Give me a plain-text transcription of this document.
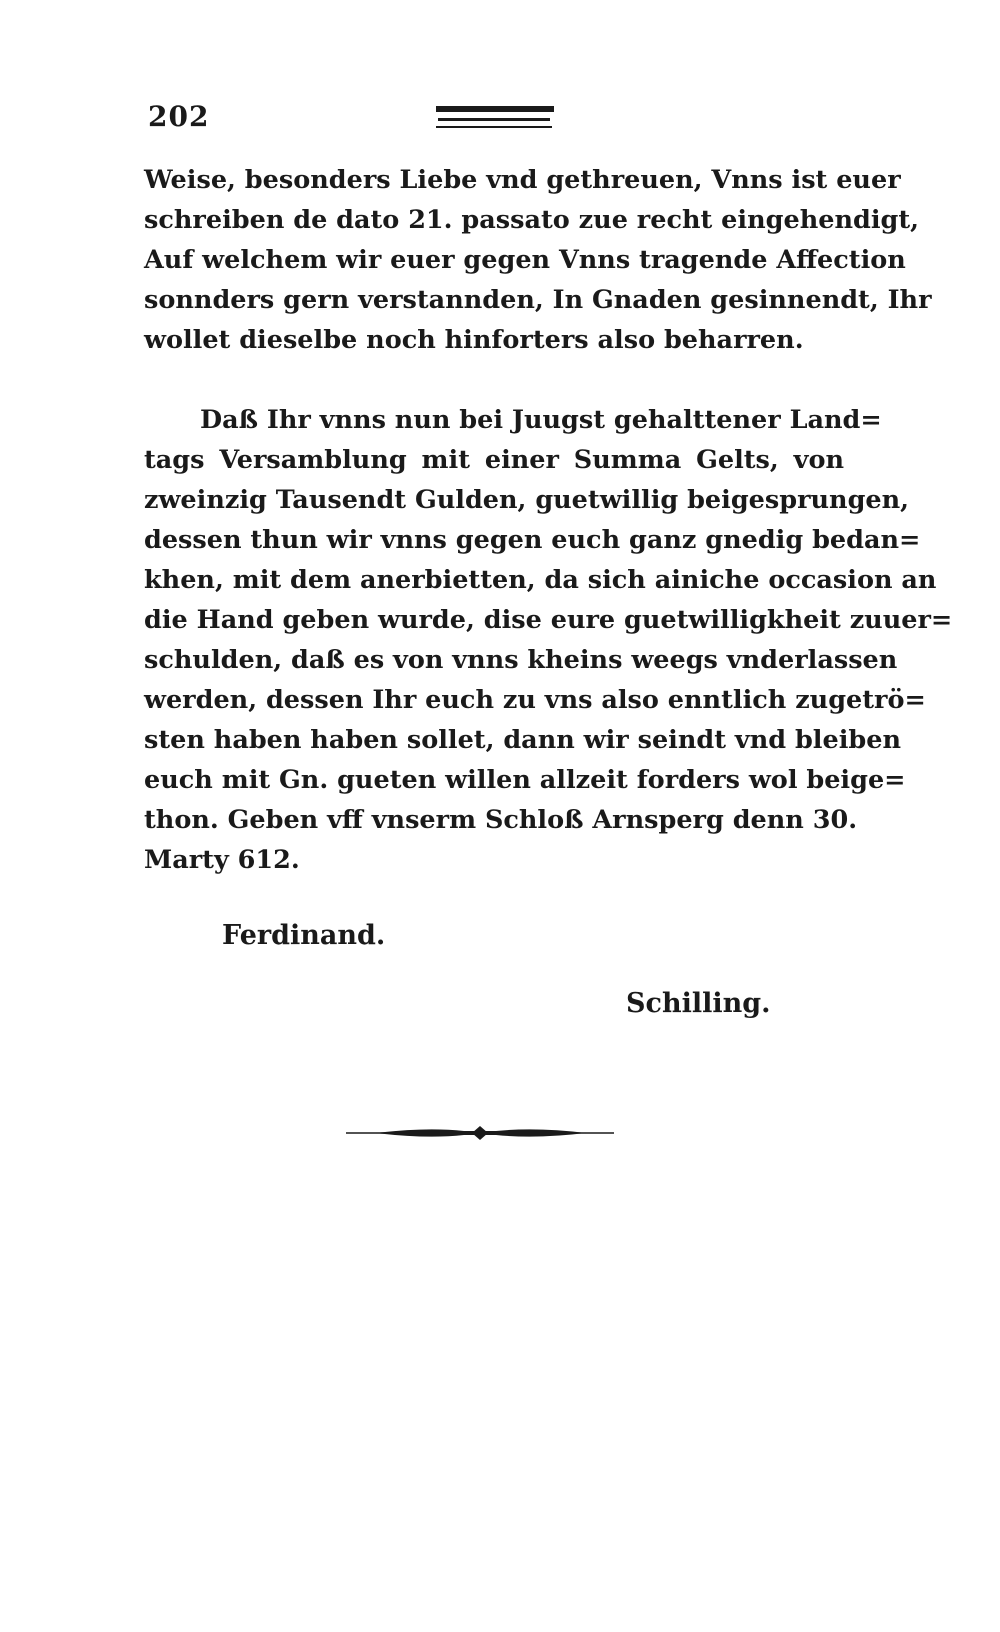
202
Weise, besonders Liebe vnd gethreuen, Vnns ist euer
schreiben de dato 21. passato zue recht eingehendigt,
Auf welchem wir euer gegen Vnns tragende Affection
sonnders gern verstannden, In Gnaden gesinnendt, Ihr
wollet dieselbe noch hinforters also beharren.
Daß Ihr vnns nun bei Juugst gehalttener Land=
tags Versamblung mit einer Summa Gelts, von
zweinzig Tausendt Gulden, guetwillig beigesprungen,
dessen thun wir vnns gegen euch ganz gnedig bedan=
khen, mit dem anerbietten, da sich ainiche occasion an
die Hand geben wurde, dise eure guetwilligkheit zuuer=
schulden, daß es von vnns kheins weegs vnderlassen
werden, dessen Ihr euch zu vns also enntlich zugetrö=
sten haben haben sollet, dann wir seindt vnd bleiben
euch mit Gn. gueten willen allzeit forders wol beige=
thon. Geben vff vnserm Schloß Arnsperg denn 30.
Marty 612.
Ferdinand.
Schilling.
